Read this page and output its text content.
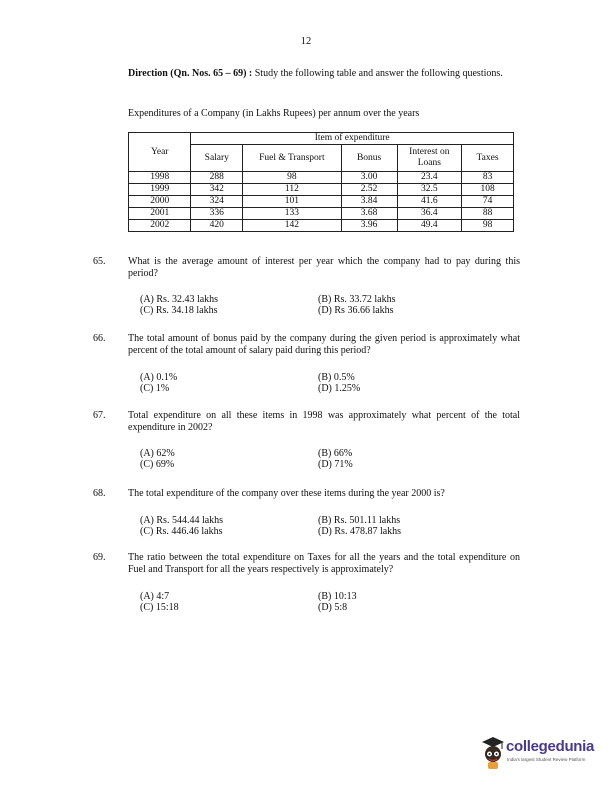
12
Direction (Qn. Nos. 65 – 69) : Study the following table and answer the following questions.
Expenditures of a Company (in Lakhs Rupees) per annum over the years
Year	Item of expenditure				
	Salary	Fuel & Transport	Bonus	Interest on Loans	Taxes
1998	288	98	3.00	23.4	83
1999	342	112	2.52	32.5	108
2000	324	101	3.84	41.6	74
2001	336	133	3.68	36.4	88
2002	420	142	3.96	49.4	98
65.	What is the average amount of interest per year which the company had to pay during this period?
(A) Rs. 32.43 lakhs	(B) Rs. 33.72 lakhs
(C) Rs. 34.18 lakhs	(D) Rs 36.66 lakhs
66.	The total amount of bonus paid by the company during the given period is approximately what percent of the total amount of salary paid during this period?
(A) 0.1%	(B) 0.5%
(C) 1%	(D) 1.25%
67.	Total expenditure on all these items in 1998 was approximately what percent of the total expenditure in 2002?
(A) 62%	(B) 66%
(C) 69%	(D) 71%
68.	The total expenditure of the company over these items during the year 2000 is?
(A) Rs. 544.44 lakhs	(B) Rs. 501.11 lakhs
(C) Rs. 446.46 lakhs	(D) Rs. 478.87 lakhs
69.	The ratio between the total expenditure on Taxes for all the years and the total expenditure on Fuel and Transport for all the years respectively is approximately?
(A) 4:7	(B) 10:13
(C) 15:18	(D) 5:8
collegedunia
India's largest Student Review Platform
